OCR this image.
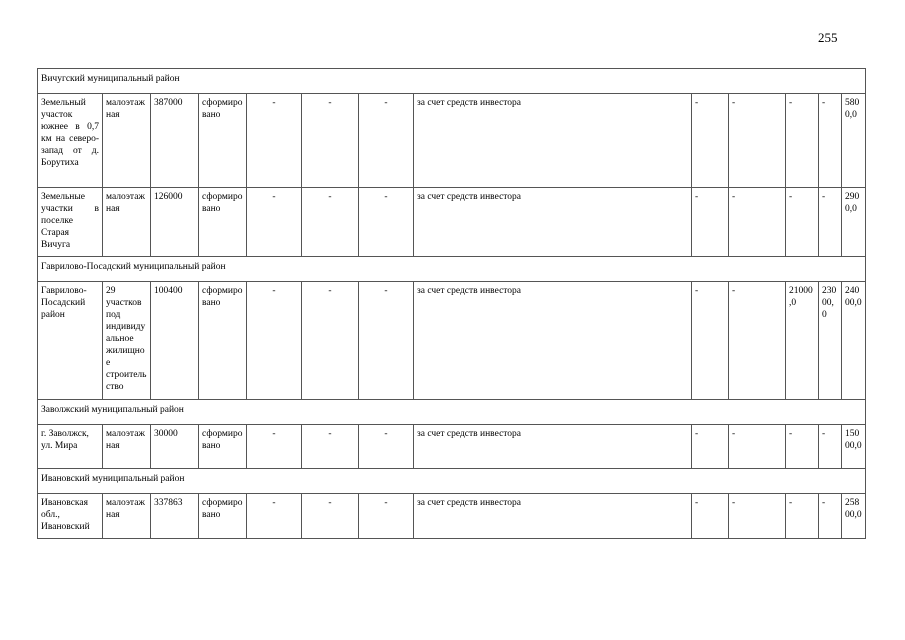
255
Вичугский муниципальный район												
Земельный участок южнее в 0,7 км на северо-запад от д. Борутиха	малоэтажная	387000	сформировано	-	-	-	за счет средств инвестора	-	-	-	-	5800,0
Земельные участки в поселке Старая Вичуга	малоэтажная	126000	сформировано	-	-	-	за счет средств инвестора	-	-	-	-	2900,0
Гаврилово-Посадский муниципальный район												
Гаврилово-Посадский район	29 участков под индивидуальное жилищное строительство	100400	сформировано	-	-	-	за счет средств инвестора	-	-	21000,0	23000,0	24000,0
Заволжский муниципальный район												
г. Заволжск, ул. Мира	малоэтажная	30000	сформировано	-	-	-	за счет средств инвестора	-	-	-	-	15000,0
Ивановский муниципальный район												
Ивановская обл., Ивановский	малоэтажная	337863	сформировано	-	-	-	за счет средств инвестора	-	-	-	-	25800,0
